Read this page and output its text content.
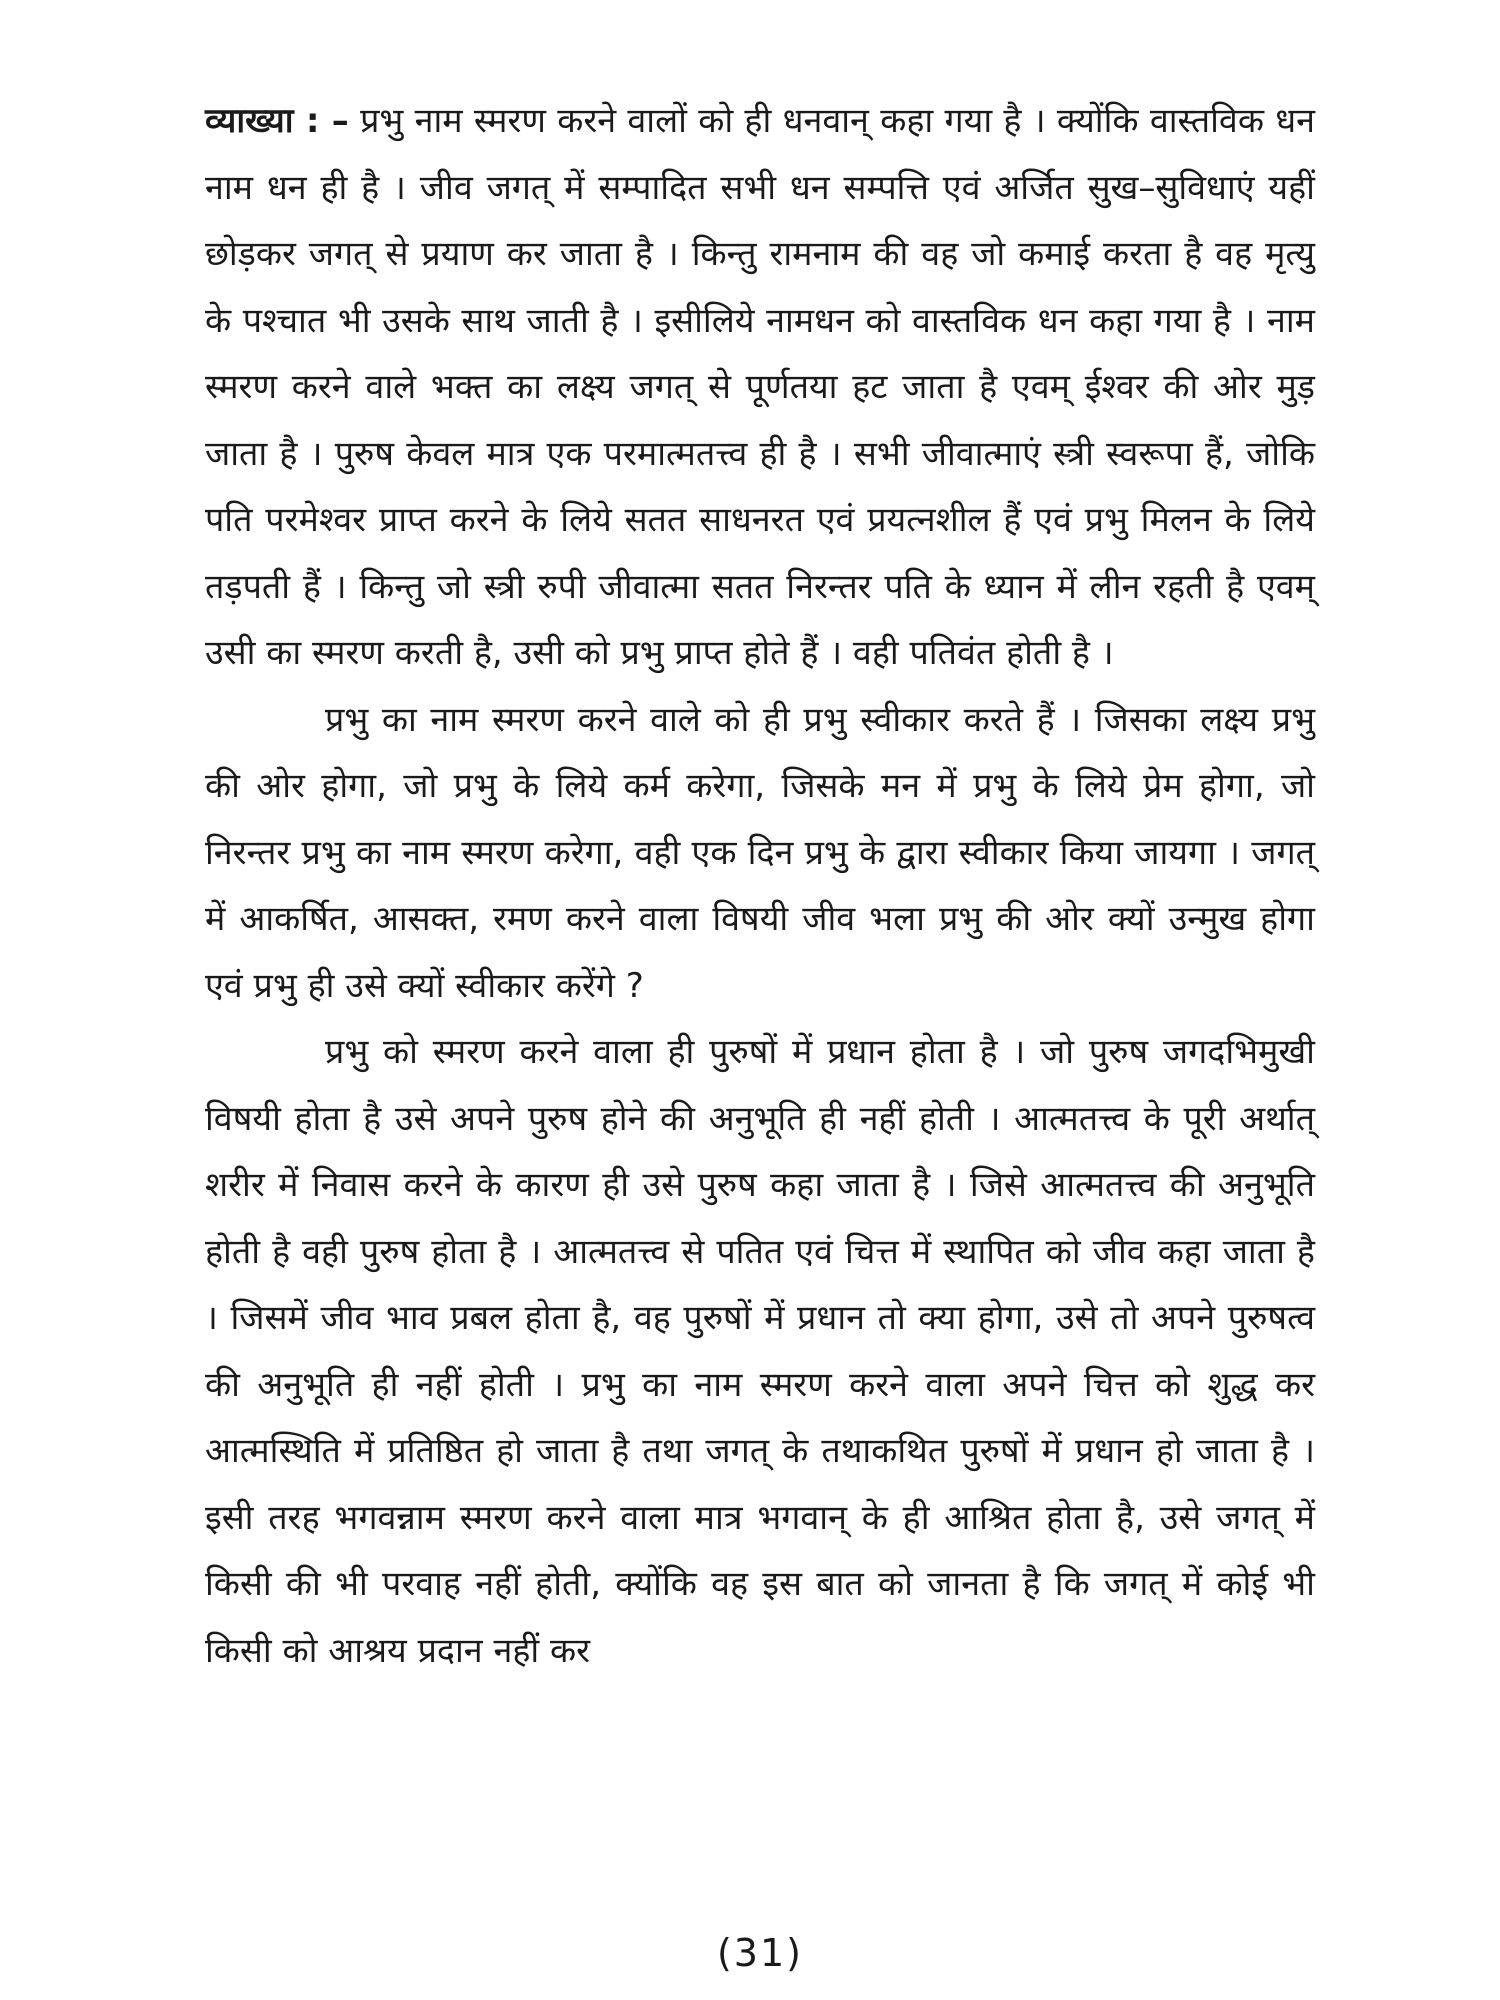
व्याख्या : – प्रभु नाम स्मरण करने वालों को ही धनवान् कहा गया है । क्योंकि वास्तविक धन नाम धन ही है । जीव जगत् में सम्पादित सभी धन सम्पत्ति एवं अर्जित सुख–सुविधाएं यहीं छोड़कर जगत् से प्रयाण कर जाता है । किन्तु रामनाम की वह जो कमाई करता है वह मृत्यु के पश्चात भी उसके साथ जाती है । इसीलिये नामधन को वास्तविक धन कहा गया है । नाम स्मरण करने वाले भक्त का लक्ष्य जगत् से पूर्णतया हट जाता है एवम् ईश्वर की ओर मुड़ जाता है । पुरुष केवल मात्र एक परमात्मतत्त्व ही है । सभी जीवात्माएं स्त्री स्वरूपा हैं, जोकि पति परमेश्वर प्राप्त करने के लिये सतत साधनरत एवं प्रयत्नशील हैं एवं प्रभु मिलन के लिये तड़पती हैं । किन्तु जो स्त्री रुपी जीवात्मा सतत निरन्तर पति के ध्यान में लीन रहती है एवम् उसी का स्मरण करती है, उसी को प्रभु प्राप्त होते हैं । वही पतिवंत होती है ।

प्रभु का नाम स्मरण करने वाले को ही प्रभु स्वीकार करते हैं । जिसका लक्ष्य प्रभु की ओर होगा, जो प्रभु के लिये कर्म करेगा, जिसके मन में प्रभु के लिये प्रेम होगा, जो निरन्तर प्रभु का नाम स्मरण करेगा, वही एक दिन प्रभु के द्वारा स्वीकार किया जायगा । जगत् में आकर्षित, आसक्त, रमण करने वाला विषयी जीव भला प्रभु की ओर क्यों उन्मुख होगा एवं प्रभु ही उसे क्यों स्वीकार करेंगे ?

प्रभु को स्मरण करने वाला ही पुरुषों में प्रधान होता है । जो पुरुष जगदभिमुखी विषयी होता है उसे अपने पुरुष होने की अनुभूति ही नहीं होती । आत्मतत्त्व के पूरी अर्थात् शरीर में निवास करने के कारण ही उसे पुरुष कहा जाता है । जिसे आत्मतत्त्व की अनुभूति होती है वही पुरुष होता है । आत्मतत्त्व से पतित एवं चित्त में स्थापित को जीव कहा जाता है । जिसमें जीव भाव प्रबल होता है, वह पुरुषों में प्रधान तो क्या होगा, उसे तो अपने पुरुषत्व की अनुभूति ही नहीं होती । प्रभु का नाम स्मरण करने वाला अपने चित्त को शुद्ध कर आत्मस्थिति में प्रतिष्ठित हो जाता है तथा जगत् के तथाकथित पुरुषों में प्रधान हो जाता है । इसी तरह भगवन्नाम स्मरण करने वाला मात्र भगवान् के ही आश्रित होता है, उसे जगत् में किसी की भी परवाह नहीं होती, क्योंकि वह इस बात को जानता है कि जगत् में कोई भी किसी को आश्रय प्रदान नहीं कर

(31)
